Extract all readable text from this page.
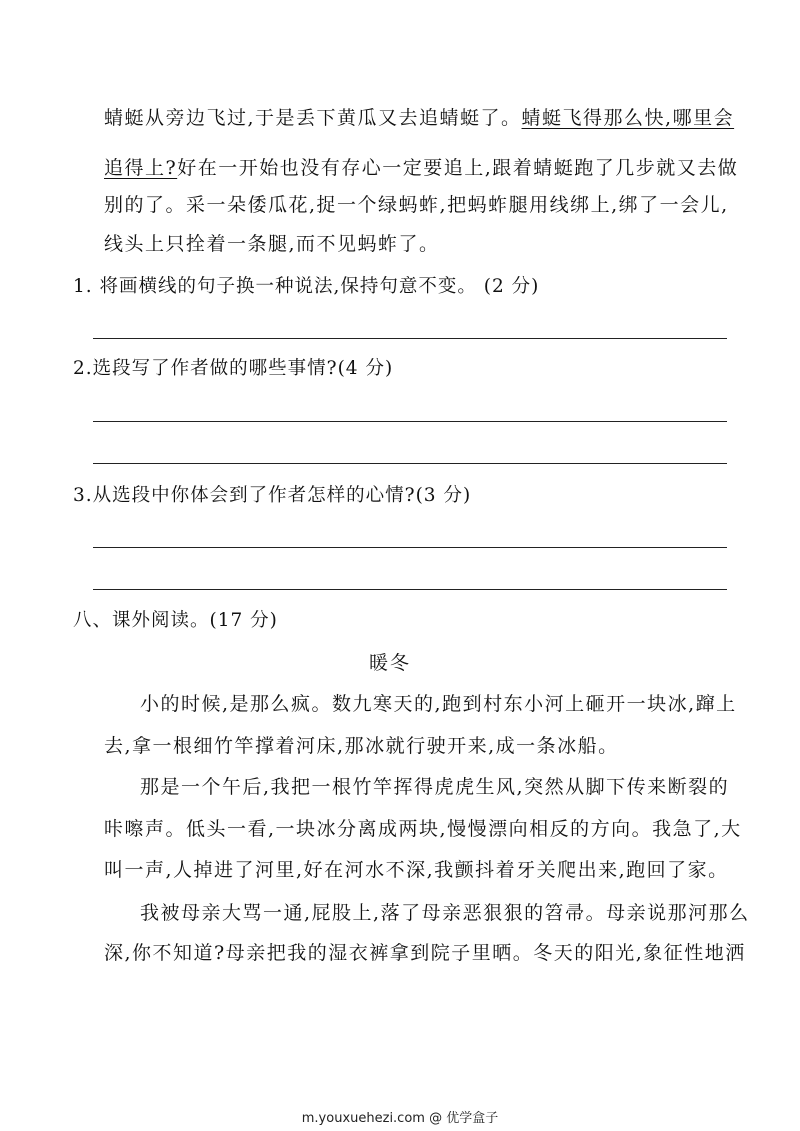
蜻蜓从旁边飞过,于是丢下黄瓜又去追蜻蜓了。蜻蜓飞得那么快,哪里会
追得上?好在一开始也没有存心一定要追上,跟着蜻蜓跑了几步就又去做
别的了。采一朵倭瓜花,捉一个绿蚂蚱,把蚂蚱腿用线绑上,绑了一会儿,
线头上只拴着一条腿,而不见蚂蚱了。
1. 将画横线的句子换一种说法,保持句意不变。 (2 分)
2.选段写了作者做的哪些事情?(4 分)
3.从选段中你体会到了作者怎样的心情?(3 分)
八、课外阅读。(17 分)
暖冬
小的时候,是那么疯。数九寒天的,跑到村东小河上砸开一块冰,蹿上
去,拿一根细竹竿撑着河床,那冰就行驶开来,成一条冰船。
那是一个午后,我把一根竹竿挥得虎虎生风,突然从脚下传来断裂的
咔嚓声。低头一看,一块冰分离成两块,慢慢漂向相反的方向。我急了,大
叫一声,人掉进了河里,好在河水不深,我颤抖着牙关爬出来,跑回了家。
我被母亲大骂一通,屁股上,落了母亲恶狠狠的笤帚。母亲说那河那么
深,你不知道?母亲把我的湿衣裤拿到院子里晒。冬天的阳光,象征性地洒
m.youxuehezi.com @ 优学盒子
